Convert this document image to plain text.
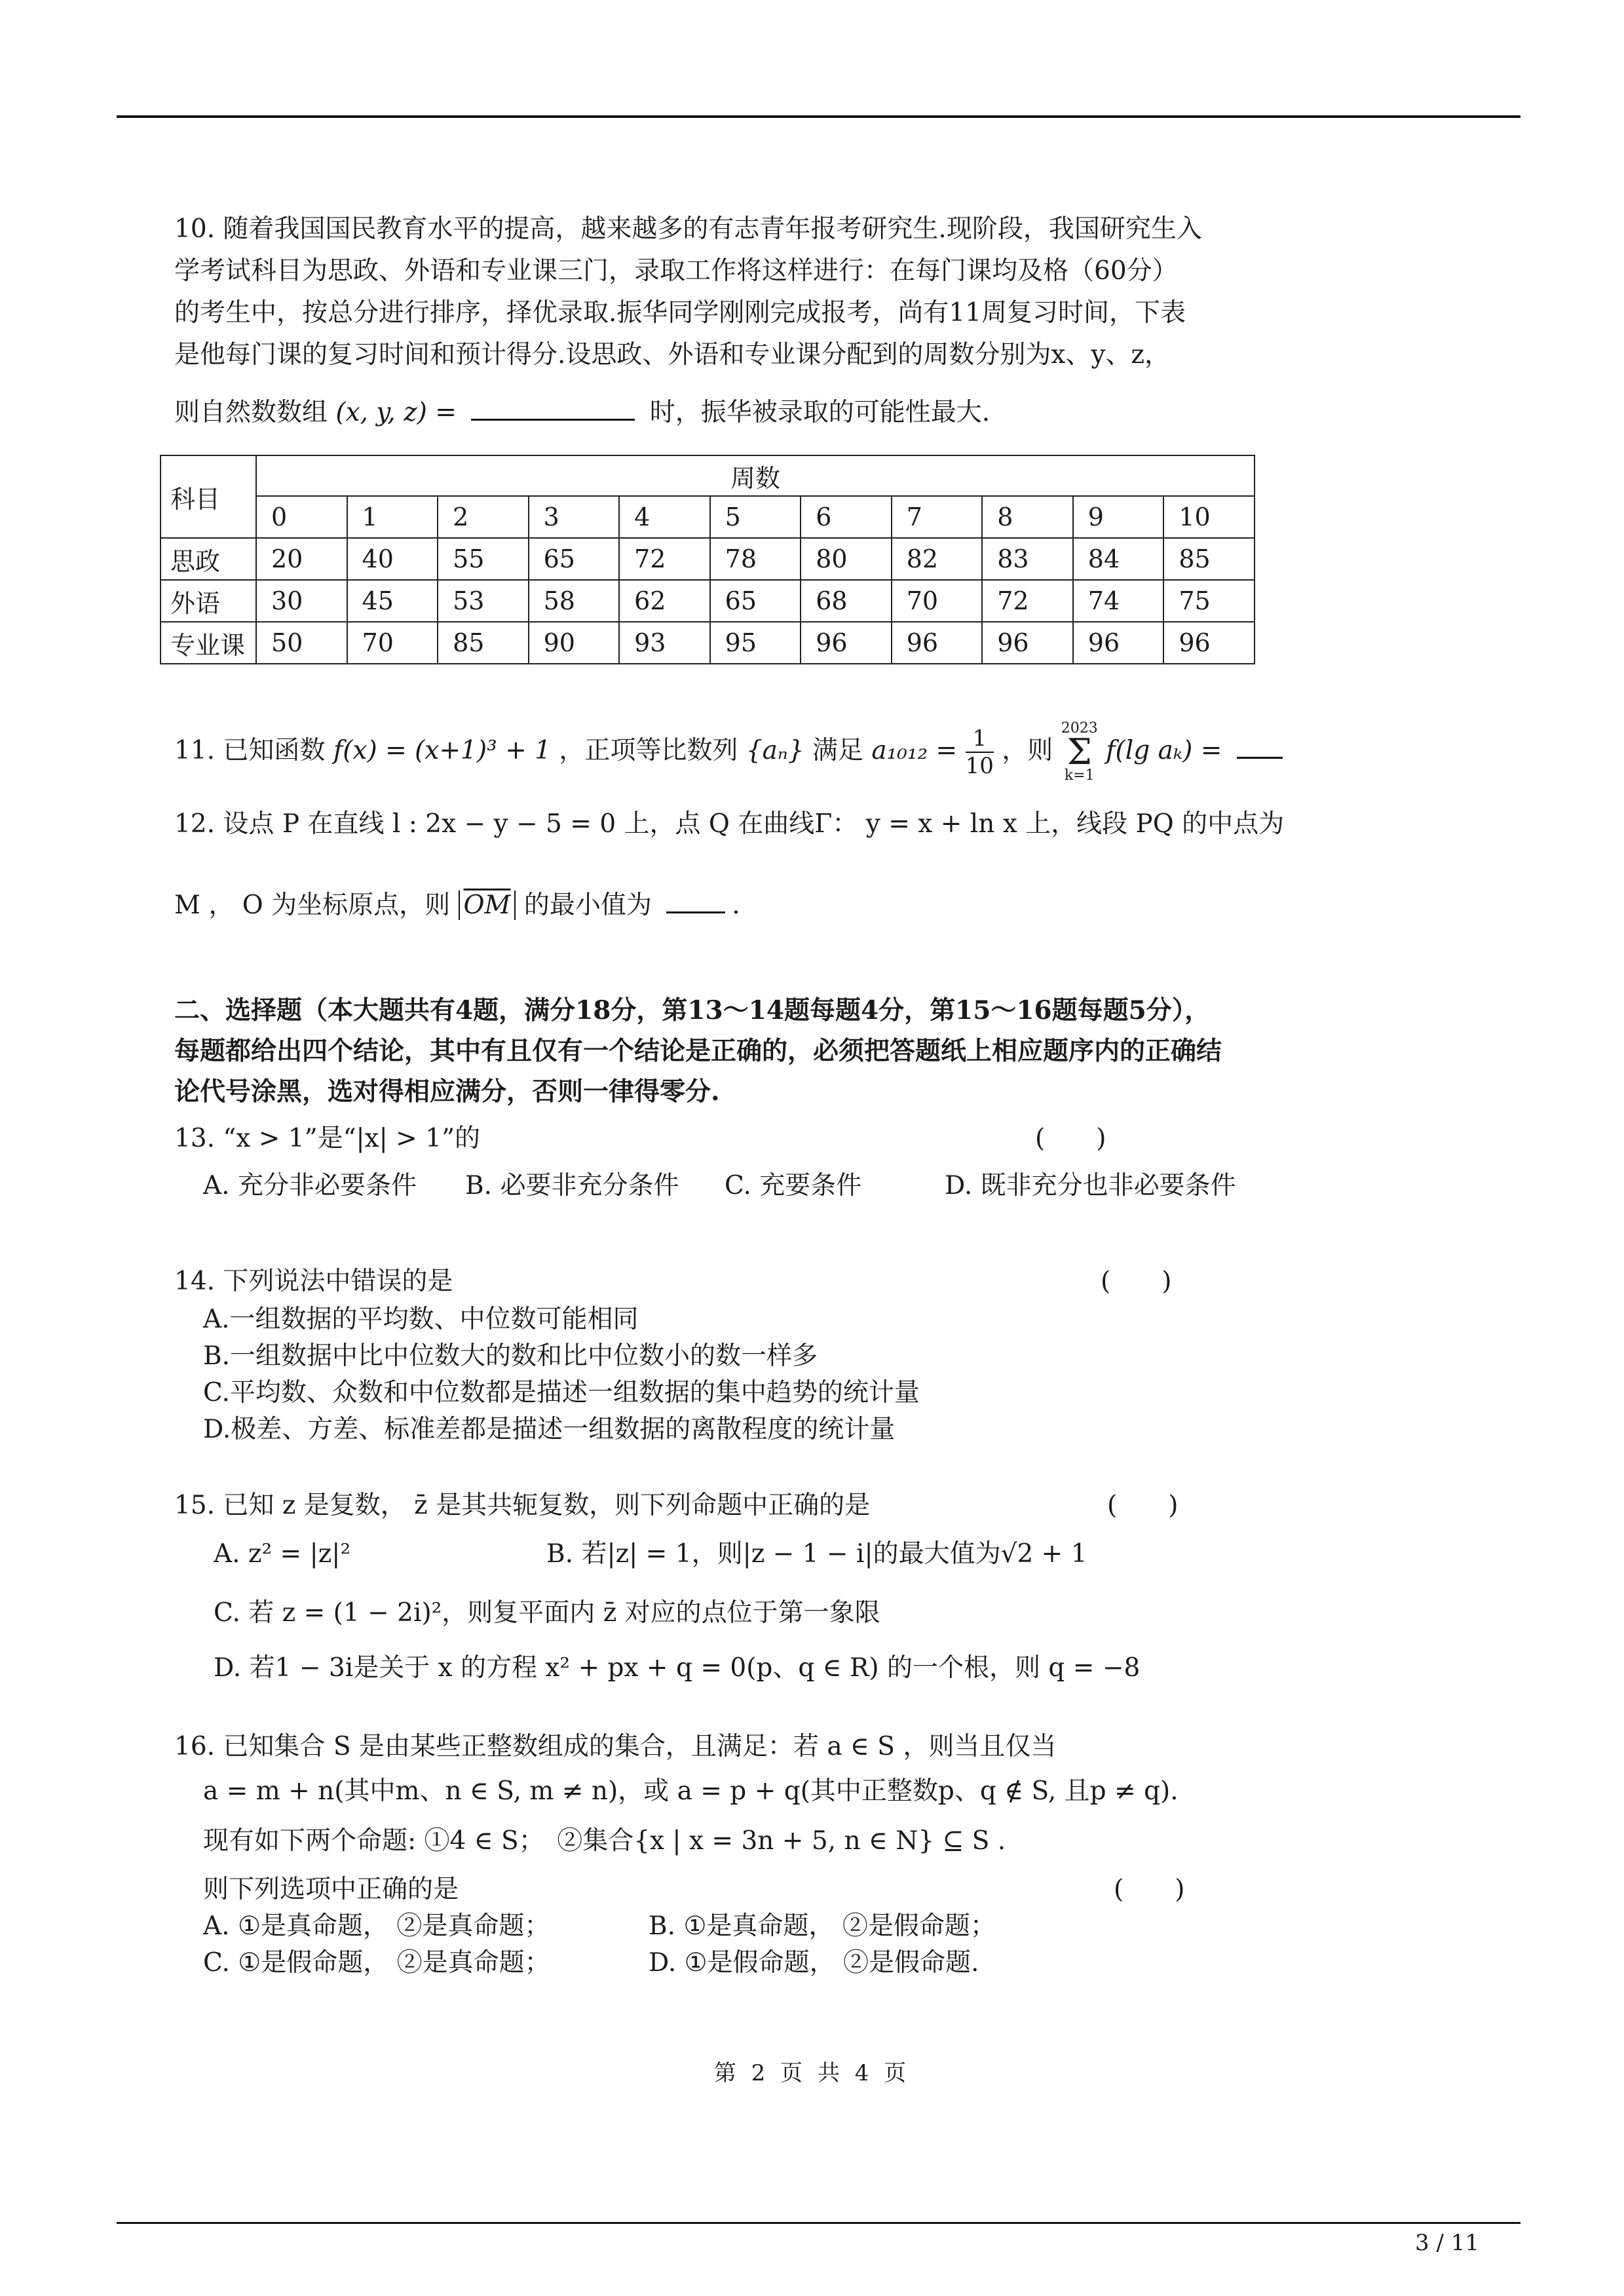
10. 随着我国国民教育水平的提高，越来越多的有志青年报考研究生.现阶段，我国研究生入
学考试科目为思政、外语和专业课三门，录取工作将这样进行：在每门课均及格（60分）
的考生中，按总分进行排序，择优录取.振华同学刚刚完成报考，尚有11周复习时间，下表
是他每门课的复习时间和预计得分.设思政、外语和专业课分配到的周数分别为x、y、z，
则自然数数组 (x, y, z) =	时，振华被录取的可能性最大.
科目	周数										
	0	1	2	3	4	5	6	7	8	9	10
思政	20	40	55	65	72	78	80	82	83	84	85
外语	30	45	53	58	62	65	68	70	72	74	75
专业课	50	70	85	90	93	95	96	96	96	96	96
11. 已知函数 f(x) = (x+1)³ + 1 ，正项等比数列 {aₙ} 满足 $a_{1012} = \frac{1}{10}$ ，则
2023
Σ
k=1
f(lg aₖ) =
12. 设点 P 在直线 l : 2x − y − 5 = 0 上，点 Q 在曲线Γ： y = x + ln x 上，线段 PQ 的中点为
M ， O 为坐标原点，则 $\overline{OM}$ 的最小值为	.
二、选择题（本大题共有4题，满分18分，第13～14题每题4分，第15～16题每题5分），
每题都给出四个结论，其中有且仅有一个结论是正确的，必须把答题纸上相应题序内的正确结
论代号涂黑，选对得相应满分，否则一律得零分.
13. “x > 1”是“|x| > 1”的	(　　)
A. 充分非必要条件 B. 必要非充分条件 C. 充要条件	D. 既非充分也非必要条件
14. 下列说法中错误的是	(　　)
A.一组数据的平均数、中位数可能相同
B.一组数据中比中位数大的数和比中位数小的数一样多
C.平均数、众数和中位数都是描述一组数据的集中趋势的统计量
D.极差、方差、标准差都是描述一组数据的离散程度的统计量
15. 已知 z 是复数， z̄ 是其共轭复数，则下列命题中正确的是	(　　)
A. z² = |z|²	B. 若|z| = 1，则|z − 1 − i|的最大值为√2 + 1
C. 若 z = (1 − 2i)²，则复平面内 z̄ 对应的点位于第一象限
D. 若1 − 3i是关于 x 的方程 x² + px + q = 0(p、q ∈ R) 的一个根，则 q = −8
16. 已知集合 S 是由某些正整数组成的集合，且满足：若 a ∈ S ，则当且仅当
a = m + n(其中m、n ∈ S, m ≠ n)，或 a = p + q(其中正整数p、q ∉ S, 且p ≠ q).
现有如下两个命题: ①4 ∈ S；　②集合{x | x = 3n + 5, n ∈ N} ⊆ S .
则下列选项中正确的是	(　　)
A. ①是真命题， ②是真命题；	B. ①是真命题， ②是假命题；
C. ①是假命题， ②是真命题；	D. ①是假命题， ②是假命题.
第 2 页 共 4 页
3 / 11
